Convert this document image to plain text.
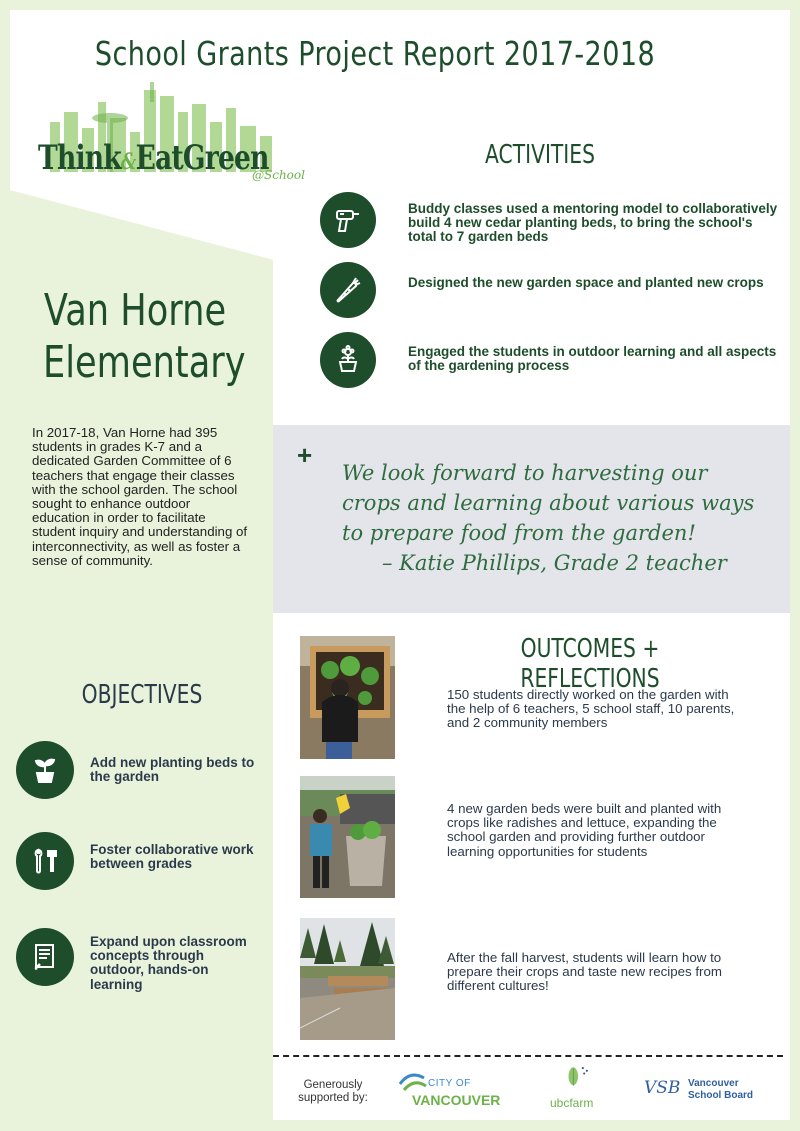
School Grants Project Report 2017-2018
Think&EatGreen
@School
Van Horne Elementary
In 2017-18, Van Horne had 395 students in grades K-7 and a dedicated Garden Committee of 6 teachers that engage their classes with the school garden. The school sought to enhance outdoor education in order to facilitate student inquiry and understanding of interconnectivity, as well as foster a sense of community.
OBJECTIVES
Add new planting beds to the garden
Foster collaborative work between grades
Expand upon classroom concepts through outdoor, hands-on learning
ACTIVITIES
Buddy classes used a mentoring model to collaboratively build 4 new cedar planting beds, to bring the school's total to 7 garden beds
Designed the new garden space and planted new crops
Engaged the students in outdoor learning and all aspects of the gardening process
+
We look forward to harvesting our crops and learning about various ways to prepare food from the garden!
– Katie Phillips, Grade 2 teacher
OUTCOMES + REFLECTIONS
150 students directly worked on the garden with the help of 6 teachers, 5 school staff, 10 parents, and 2 community members
4 new garden beds were built and planted with crops like radishes and lettuce, expanding the school garden and providing further outdoor learning opportunities for students
After the fall harvest, students will learn how to prepare their crops and taste new recipes from different cultures!
Generously supported by:
CITY OF
VANCOUVER	ubcfarm
VSB Vancouver
School Board
